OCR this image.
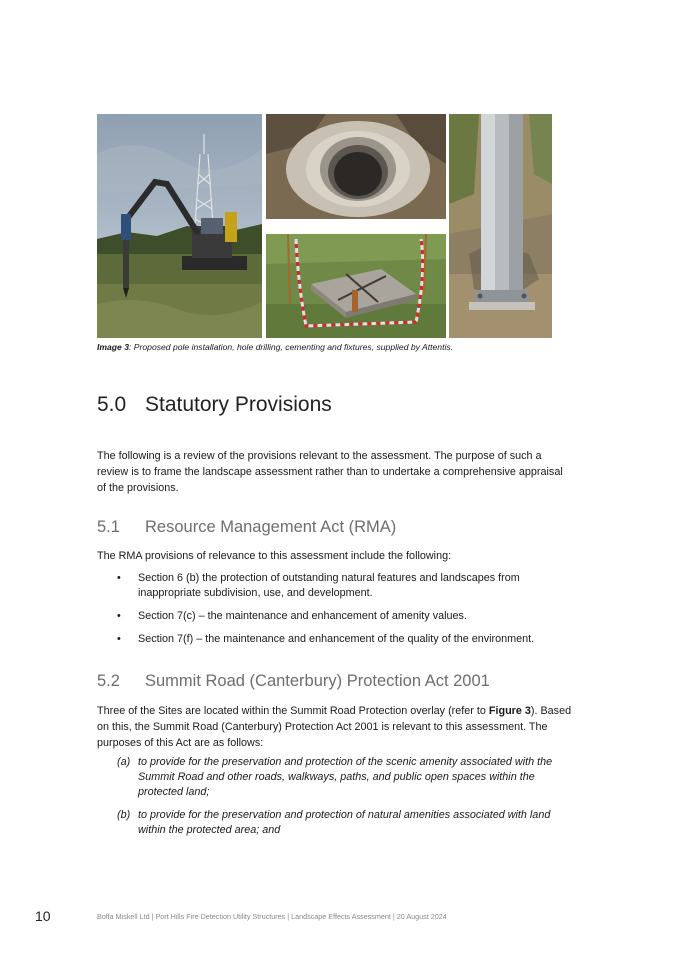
Image 3: Proposed pole installation, hole drilling, cementing and fixtures, supplied by Attentis.
5.0 Statutory Provisions
The following is a review of the provisions relevant to the assessment. The purpose of such a review is to frame the landscape assessment rather than to undertake a comprehensive appraisal of the provisions.
5.1 Resource Management Act (RMA)
The RMA provisions of relevance to this assessment include the following:
• Section 6 (b) the protection of outstanding natural features and landscapes from inappropriate subdivision, use, and development.
• Section 7(c) – the maintenance and enhancement of amenity values.
• Section 7(f) – the maintenance and enhancement of the quality of the environment.
5.2 Summit Road (Canterbury) Protection Act 2001
Three of the Sites are located within the Summit Road Protection overlay (refer to Figure 3). Based on this, the Summit Road (Canterbury) Protection Act 2001 is relevant to this assessment. The purposes of this Act are as follows:
(a) to provide for the preservation and protection of the scenic amenity associated with the Summit Road and other roads, walkways, paths, and public open spaces within the protected land;
(b) to provide for the preservation and protection of natural amenities associated with land within the protected area; and
10	Boffa Miskell Ltd | Port Hills Fire Detection Utility Structures | Landscape Effects Assessment | 20 August 2024
